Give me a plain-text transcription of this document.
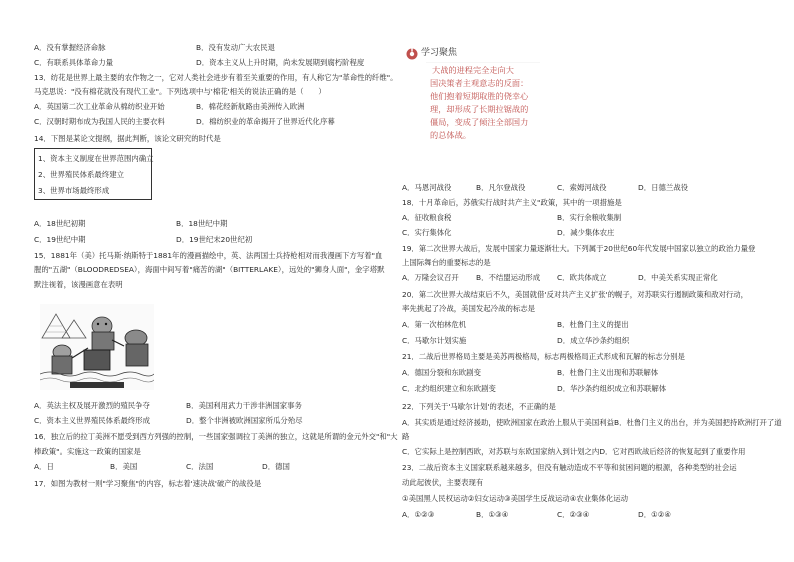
A．没有掌握经济命脉	B．没有发动广大农民退
C．有联系具体革命力量	D．资本主义从上升时期，尚未发展期到腐朽阶程度
13．纺花是世界上最主要的农作物之一，它对人类社会进步有着至关重要的作用，有人称它为"革命性的纤维"。
马克思说："没有棉花就没有现代工业"。下列选项中与'棉花'相关的说法正确的是（　　）
A．英国第二次工业革命从棉纺织业开始	B．棉花经新航路由美洲传入欧洲
C．汉朝时期布成为我国人民的主要衣料	D．棉纺织业的革命揭开了世界近代化序幕
14．下图是某论文提纲，据此判断，该论文研究的时代是
1、资本主义制度在世界范围内确立
2、世界殖民体系最终建立
3、世界市场最终形成
A．18世纪初期	B．18世纪中期
C．19世纪中期	D．19世纪末20世纪初
15．1881年（美）托马斯·纳斯特于1881年的漫画描绘中，英、法两国士兵持枪相对而我漫画下方写着"血
腥的"五湖"（BLOODREDSEA），海面中间写着"痛苦的湖"（BITTERLAKE），远处的"狮身人面"，金字塔默
默注视着，该漫画意在表明
A．英法主权及展开激烈的殖民争夺	B．美国利用武力干涉非洲国家事务
C．资本主义世界殖民体系最终形成	D．整个非洲被欧洲国家所瓜分殆尽
16．独立后的拉丁美洲不愿受到西方列强的控制，一些国家强调拉丁美洲的独立，这就是所谓的金元外交"和"大
棒政策"。实施这一政策的国家是
A．日	B．美国	C．法国	D．德国
17．如图为教材一则"学习聚焦"的内容，标志着'速决战'破产的战役是
学习聚焦
大战的进程完全走向大
国决策者主观意志的反面：
他们抱着短期取胜的侥幸心
理，却形成了长期拉锯战的
僵局，变成了倾注全部国力
的总体战。
A．马恩河战役	B．凡尔登战役	C．索姆河战役	D．日德兰战役
18．十月革命后，苏俄实行战时共产主义"政策，其中的一项措施是
A．征收粮食税	B．实行余粮收集制
C．实行集体化	D．减少集体农庄
19．第二次世界大战后，发展中国家力量逐渐壮大。下列属于20世纪60年代发展中国家以独立的政治力量登
上国际舞台的重要标志的是
A．万隆会议召开 B．不结盟运动形成 C．欧共体成立	D．中美关系实现正常化
20．第二次世界大战结束后不久，美国就借'反对共产主义扩张'的幌子，对苏联实行遏制政策和敌对行动，
率先挑起了冷战，美国发起冷战的标志是
A．第一次柏林危机	B．杜鲁门主义的提出
C．马歇尔计划实施	D．成立华沙条约组织
21．二战后世界格局主要是美苏两极格局，标志两极格局正式形成和瓦解的标志分别是
A．德国分裂和东欧剧变	B．杜鲁门主义出现和苏联解体
C．北约组织建立和东欧剧变	D．华沙条约组织成立和苏联解体
22．下列关于'马歇尔计划'的表述，不正确的是
A．其实质是通过经济援助，使欧洲国家在政治上服从于美国利益B．杜鲁门主义的出台，并为美国把持欧洲打开了道
路
C．它实际上是控制西欧，对苏联与东欧国家纳入到计划之内D．它对西欧战后经济的恢复起到了重要作用
23．二战后资本主义国家联系越来越多，但没有触动造成不平等和贫困问题的根源，各种类型的社会运
动此起彼伏，主要表现有
①美国黑人民权运动②妇女运动③美国学生反战运动④农业集体化运动
A．①②③	B．①③④	C．②③④	D．①②④
